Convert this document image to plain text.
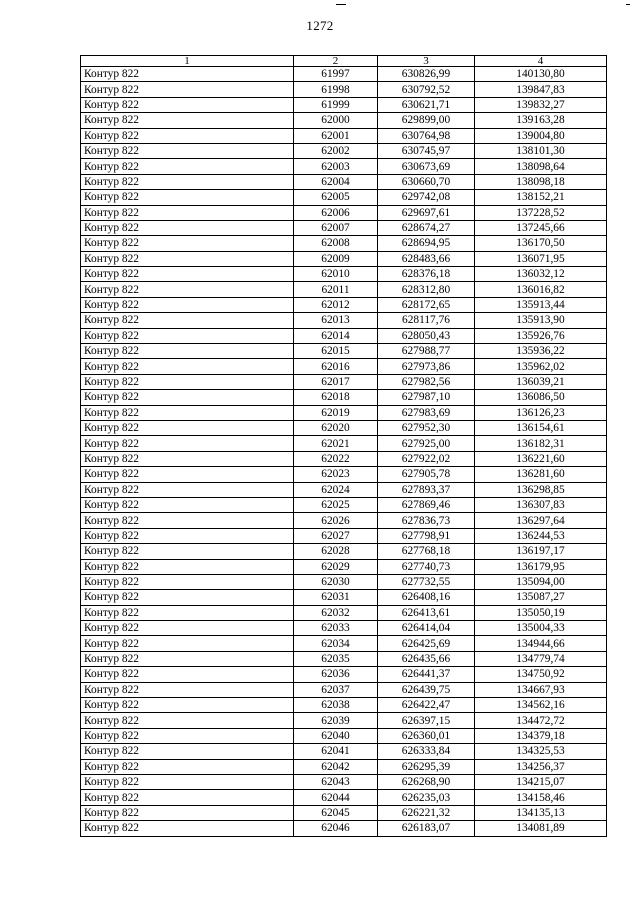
1272
1	2	3	4
Контур 822	61997	630826,99	140130,80
Контур 822	61998	630792,52	139847,83
Контур 822	61999	630621,71	139832,27
Контур 822	62000	629899,00	139163,28
Контур 822	62001	630764,98	139004,80
Контур 822	62002	630745,97	138101,30
Контур 822	62003	630673,69	138098,64
Контур 822	62004	630660,70	138098,18
Контур 822	62005	629742,08	138152,21
Контур 822	62006	629697,61	137228,52
Контур 822	62007	628674,27	137245,66
Контур 822	62008	628694,95	136170,50
Контур 822	62009	628483,66	136071,95
Контур 822	62010	628376,18	136032,12
Контур 822	62011	628312,80	136016,82
Контур 822	62012	628172,65	135913,44
Контур 822	62013	628117,76	135913,90
Контур 822	62014	628050,43	135926,76
Контур 822	62015	627988,77	135936,22
Контур 822	62016	627973,86	135962,02
Контур 822	62017	627982,56	136039,21
Контур 822	62018	627987,10	136086,50
Контур 822	62019	627983,69	136126,23
Контур 822	62020	627952,30	136154,61
Контур 822	62021	627925,00	136182,31
Контур 822	62022	627922,02	136221,60
Контур 822	62023	627905,78	136281,60
Контур 822	62024	627893,37	136298,85
Контур 822	62025	627869,46	136307,83
Контур 822	62026	627836,73	136297,64
Контур 822	62027	627798,91	136244,53
Контур 822	62028	627768,18	136197,17
Контур 822	62029	627740,73	136179,95
Контур 822	62030	627732,55	135094,00
Контур 822	62031	626408,16	135087,27
Контур 822	62032	626413,61	135050,19
Контур 822	62033	626414,04	135004,33
Контур 822	62034	626425,69	134944,66
Контур 822	62035	626435,66	134779,74
Контур 822	62036	626441,37	134750,92
Контур 822	62037	626439,75	134667,93
Контур 822	62038	626422,47	134562,16
Контур 822	62039	626397,15	134472,72
Контур 822	62040	626360,01	134379,18
Контур 822	62041	626333,84	134325,53
Контур 822	62042	626295,39	134256,37
Контур 822	62043	626268,90	134215,07
Контур 822	62044	626235,03	134158,46
Контур 822	62045	626221,32	134135,13
Контур 822	62046	626183,07	134081,89
